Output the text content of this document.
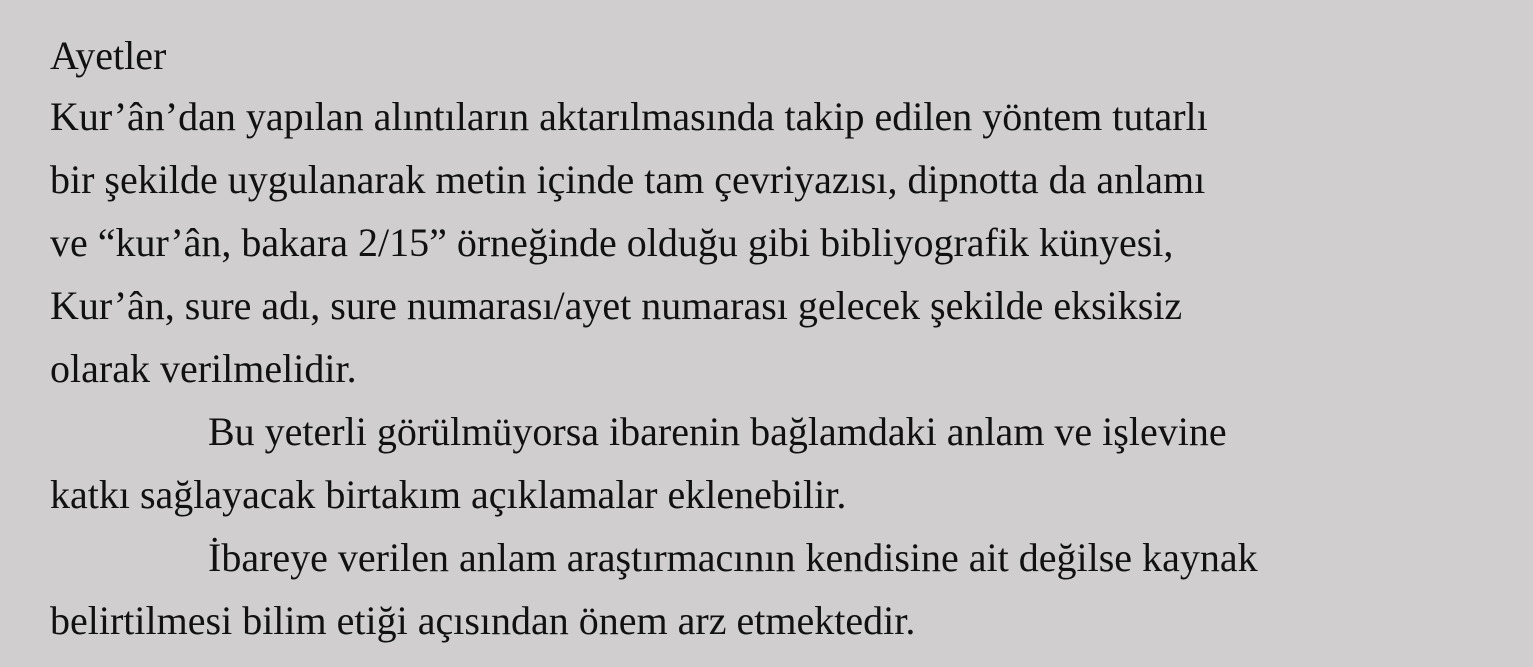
Ayetler

Kur’ân’dan yapılan alıntıların aktarılmasında takip edilen yöntem tutarlı
bir şekilde uygulanarak metin içinde tam çevriyazısı, dipnotta da anlamı
ve “kur’ân, bakara 2/15” örneğinde olduğu gibi bibliyografik künyesi,
Kur’ân, sure adı, sure numarası/ayet numarası gelecek şekilde eksiksiz
olarak verilmelidir.

Bu yeterli görülmüyorsa ibarenin bağlamdaki anlam ve işlevine
katkı sağlayacak birtakım açıklamalar eklenebilir.

İbareye verilen anlam araştırmacının kendisine ait değilse kaynak
belirtilmesi bilim etiği açısından önem arz etmektedir.
